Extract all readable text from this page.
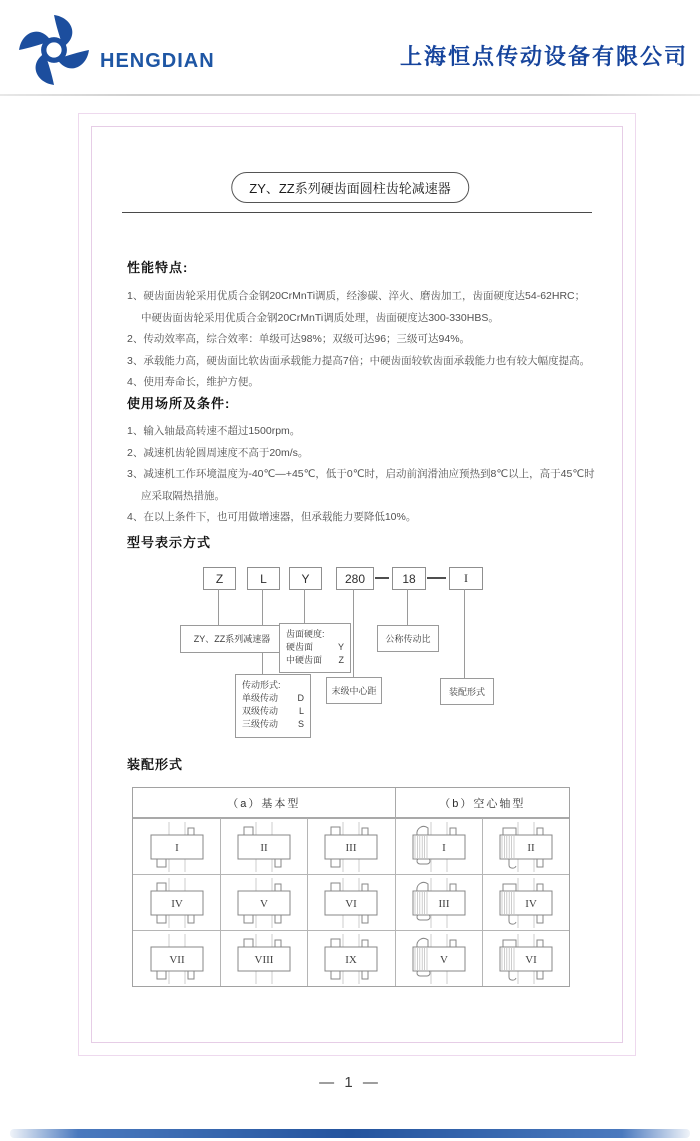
HENGDIAN	上海恒点传动设备有限公司
ZY、ZZ系列硬齿面圆柱齿轮减速器
性能特点:
1、硬齿面齿轮采用优质合金钢20CrMnTi调质，经渗碳、淬火、磨齿加工，齿面硬度达54-62HRC；
中硬齿面齿轮采用优质合金钢20CrMnTi调质处理，齿面硬度达300-330HBS。
2、传动效率高，综合效率：单级可达98%；双级可达96；三级可达94%。
3、承载能力高，硬齿面比软齿面承载能力提高7倍；中硬齿面较软齿面承载能力也有较大幅度提高。
4、使用寿命长，维护方便。
使用场所及条件:
1、输入轴最高转速不超过1500rpm。
2、减速机齿轮圆周速度不高于20m/s。
3、减速机工作环境温度为-40℃—+45℃，低于0℃时，启动前润滑油应预热到8℃以上，高于45℃时
应采取隔热措施。
4、在以上条件下，也可用做增速器，但承载能力要降低10%。
型号表示方式
Z	L	Y	280	18	I
ZY、ZZ系列减速器	齿面硬度:
硬齿面	Y
中硬齿面 Z
公称传动比
传动形式:
单级传动 D
双级传动 L
三级传动 S
末级中心距	装配形式
装配形式
（a）基本型	（b）空心轴型
I	II	III	I	II
IV	V	VI	III	IV
VII	VIII	IX	V	VI
— 1 —
